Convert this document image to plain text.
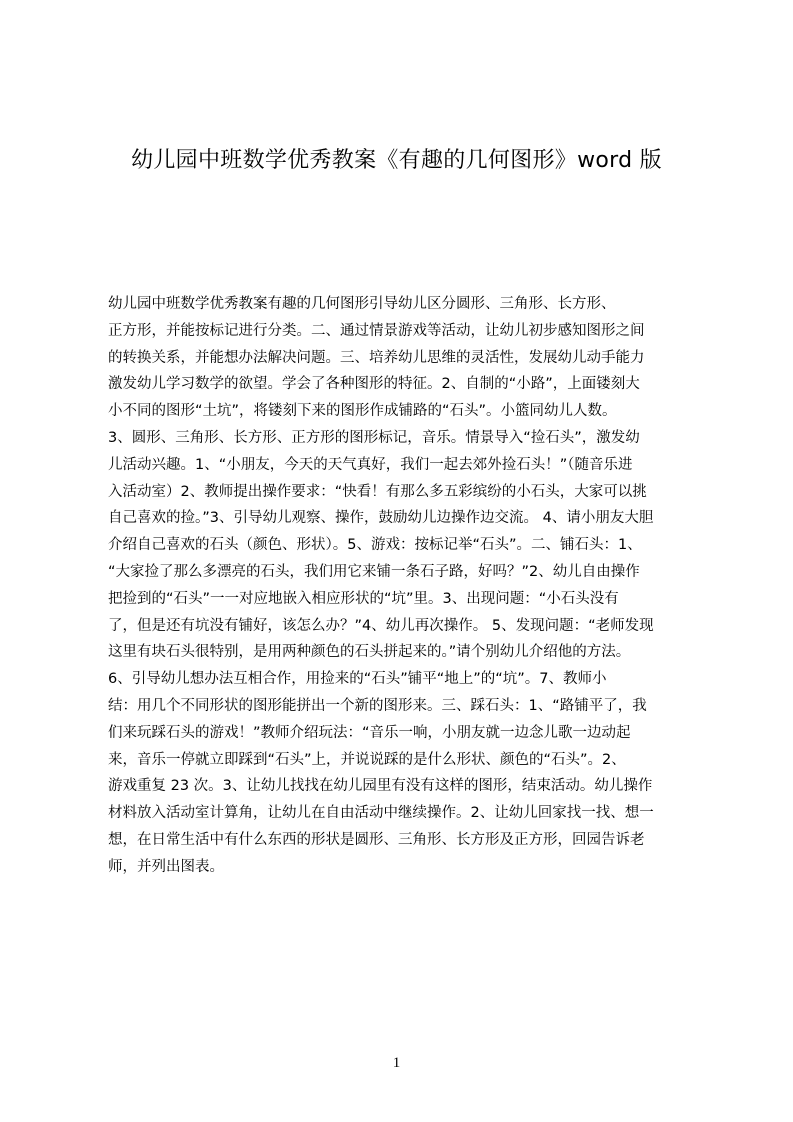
幼儿园中班数学优秀教案《有趣的几何图形》word 版
幼儿园中班数学优秀教案有趣的几何图形引导幼儿区分圆形、三角形、长方形、
正方形，并能按标记进行分类。二、通过情景游戏等活动，让幼儿初步感知图形之间
的转换关系，并能想办法解决问题。三、培养幼儿思维的灵活性，发展幼儿动手能力
激发幼儿学习数学的欲望。学会了各种图形的特征。2、自制的“小路”，上面镂刻大
小不同的图形“土坑”，将镂刻下来的图形作成铺路的“石头”。小篮同幼儿人数。
3、圆形、三角形、长方形、正方形的图形标记，音乐。情景导入“捡石头”，激发幼
儿活动兴趣。1、“小朋友，今天的天气真好，我们一起去郊外捡石头！”（随音乐进
入活动室）2、教师提出操作要求：“快看！有那么多五彩缤纷的小石头，大家可以挑
自己喜欢的捡。”3、引导幼儿观察、操作，鼓励幼儿边操作边交流。 4、请小朋友大胆
介绍自己喜欢的石头（颜色、形状）。5、游戏：按标记举“石头”。二、铺石头：1、
“大家捡了那么多漂亮的石头，我们用它来铺一条石子路，好吗？”2、幼儿自由操作
把捡到的“石头”一一对应地嵌入相应形状的“坑”里。3、出现问题：“小石头没有
了，但是还有坑没有铺好，该怎么办？”4、幼儿再次操作。 5、发现问题：“老师发现
这里有块石头很特别，是用两种颜色的石头拼起来的。”请个别幼儿介绍他的方法。
6、引导幼儿想办法互相合作，用捡来的“石头”铺平“地上”的“坑”。7、教师小
结：用几个不同形状的图形能拼出一个新的图形来。三、踩石头：1、“路铺平了，我
们来玩踩石头的游戏！”教师介绍玩法：“音乐一响，小朋友就一边念儿歌一边动起
来，音乐一停就立即踩到“石头”上，并说说踩的是什么形状、颜色的“石头”。2、
游戏重复 23 次。3、让幼儿找找在幼儿园里有没有这样的图形，结束活动。幼儿操作
材料放入活动室计算角，让幼儿在自由活动中继续操作。2、让幼儿回家找一找、想一
想，在日常生活中有什么东西的形状是圆形、三角形、长方形及正方形，回园告诉老
师，并列出图表。
1
